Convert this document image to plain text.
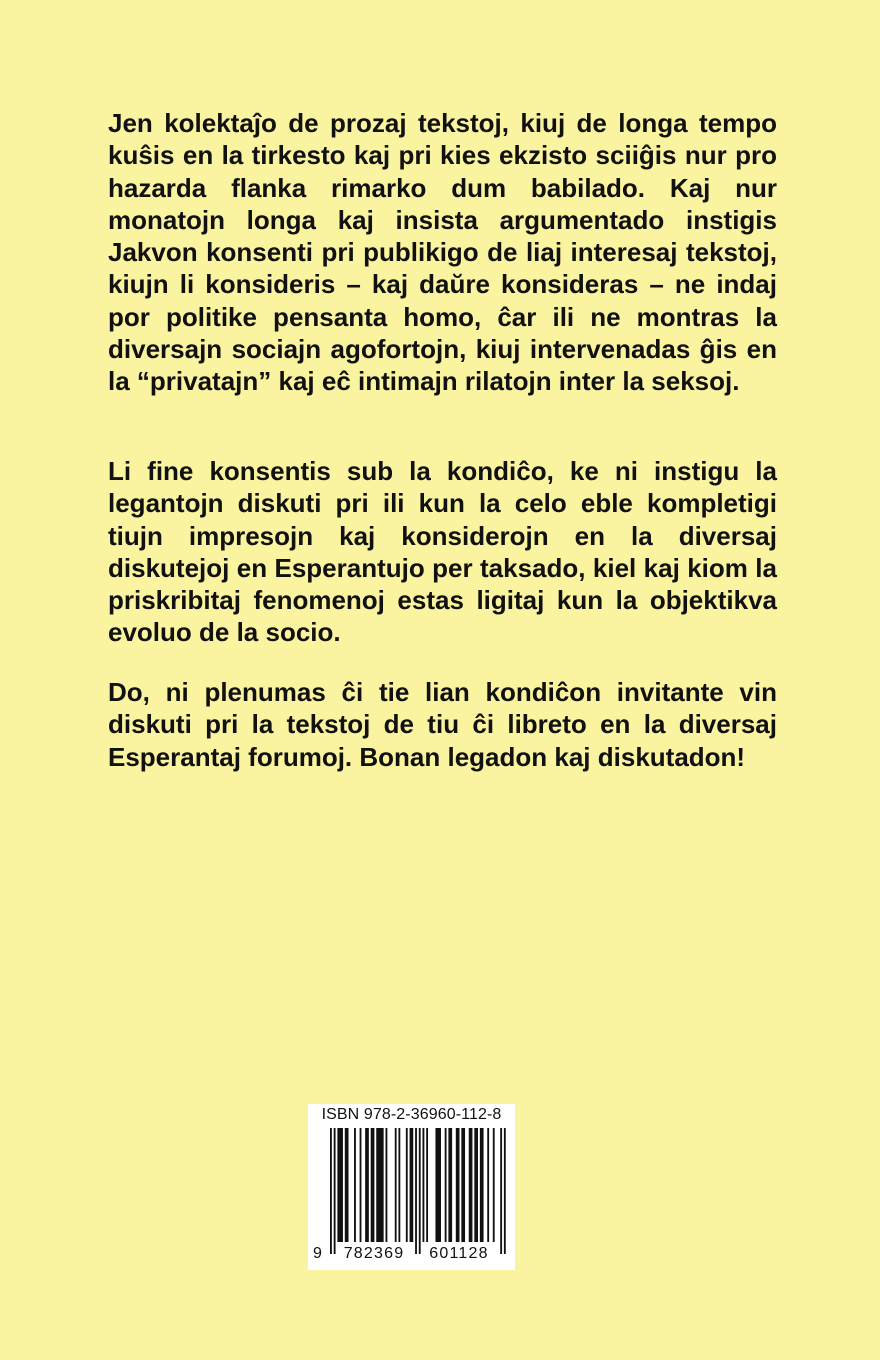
Jen kolektaĵo de prozaj tekstoj, kiuj de longa tempo kuŝis en la tirkesto kaj pri kies ekzisto sciiĝis nur pro hazarda flanka rimarko dum babilado. Kaj nur monatojn longa kaj insista argumentado instigis Jakvon konsenti pri publikigo de liaj interesaj tekstoj, kiujn li konsideris – kaj daŭre konsideras – ne indaj por politike pensanta homo, ĉar ili ne montras la diversajn sociajn agofortojn, kiuj intervenadas ĝis en la “privatajn” kaj eĉ intimajn rilatojn inter la seksoj.

Li fine konsentis sub la kondiĉo, ke ni instigu la legantojn diskuti pri ili kun la celo eble kompletigi tiujn impresojn kaj konsiderojn en la diversaj diskutejoj en Esperantujo per taksado, kiel kaj kiom la priskribitaj fenomenoj estas ligitaj kun la objektikva evoluo de la socio.

Do, ni plenumas ĉi tie lian kondiĉon invitante vin diskuti pri la tekstoj de tiu ĉi libreto en la diversaj Esperantaj forumoj. Bonan legadon kaj diskutadon!

ISBN 978-2-36960-112-8
9	782369	601128
